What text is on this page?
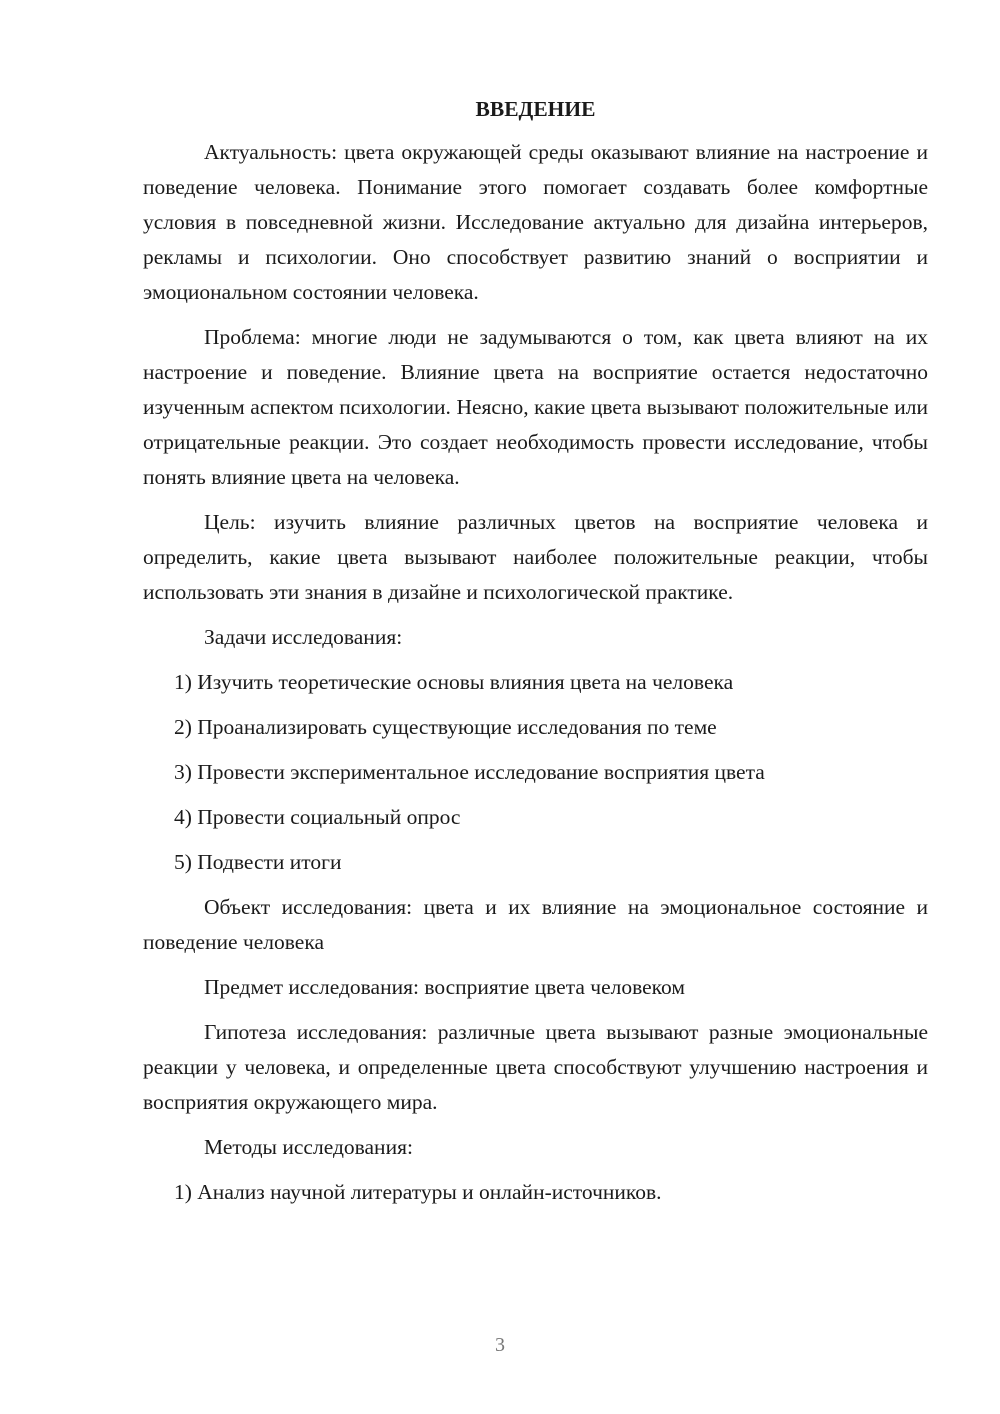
ВВЕДЕНИЕ

Актуальность: цвета окружающей среды оказывают влияние на настроение и поведение человека. Понимание этого помогает создавать более комфортные условия в повседневной жизни. Исследование актуально для дизайна интерьеров, рекламы и психологии. Оно способствует развитию знаний о восприятии и эмоциональном состоянии человека.

Проблема: многие люди не задумываются о том, как цвета влияют на их настроение и поведение. Влияние цвета на восприятие остается недостаточно изученным аспектом психологии. Неясно, какие цвета вызывают положительные или отрицательные реакции. Это создает необходимость провести исследование, чтобы понять влияние цвета на человека.

Цель: изучить влияние различных цветов на восприятие человека и определить, какие цвета вызывают наиболее положительные реакции, чтобы использовать эти знания в дизайне и психологической практике.

Задачи исследования:

1) Изучить теоретические основы влияния цвета на человека
2) Проанализировать существующие исследования по теме
3) Провести экспериментальное исследование восприятия цвета
4) Провести социальный опрос
5) Подвести итоги

Объект исследования: цвета и их влияние на эмоциональное состояние и поведение человека

Предмет исследования: восприятие цвета человеком

Гипотеза исследования: различные цвета вызывают разные эмоциональные реакции у человека, и определенные цвета способствуют улучшению настроения и восприятия окружающего мира.

Методы исследования:

1) Анализ научной литературы и онлайн-источников.
3
